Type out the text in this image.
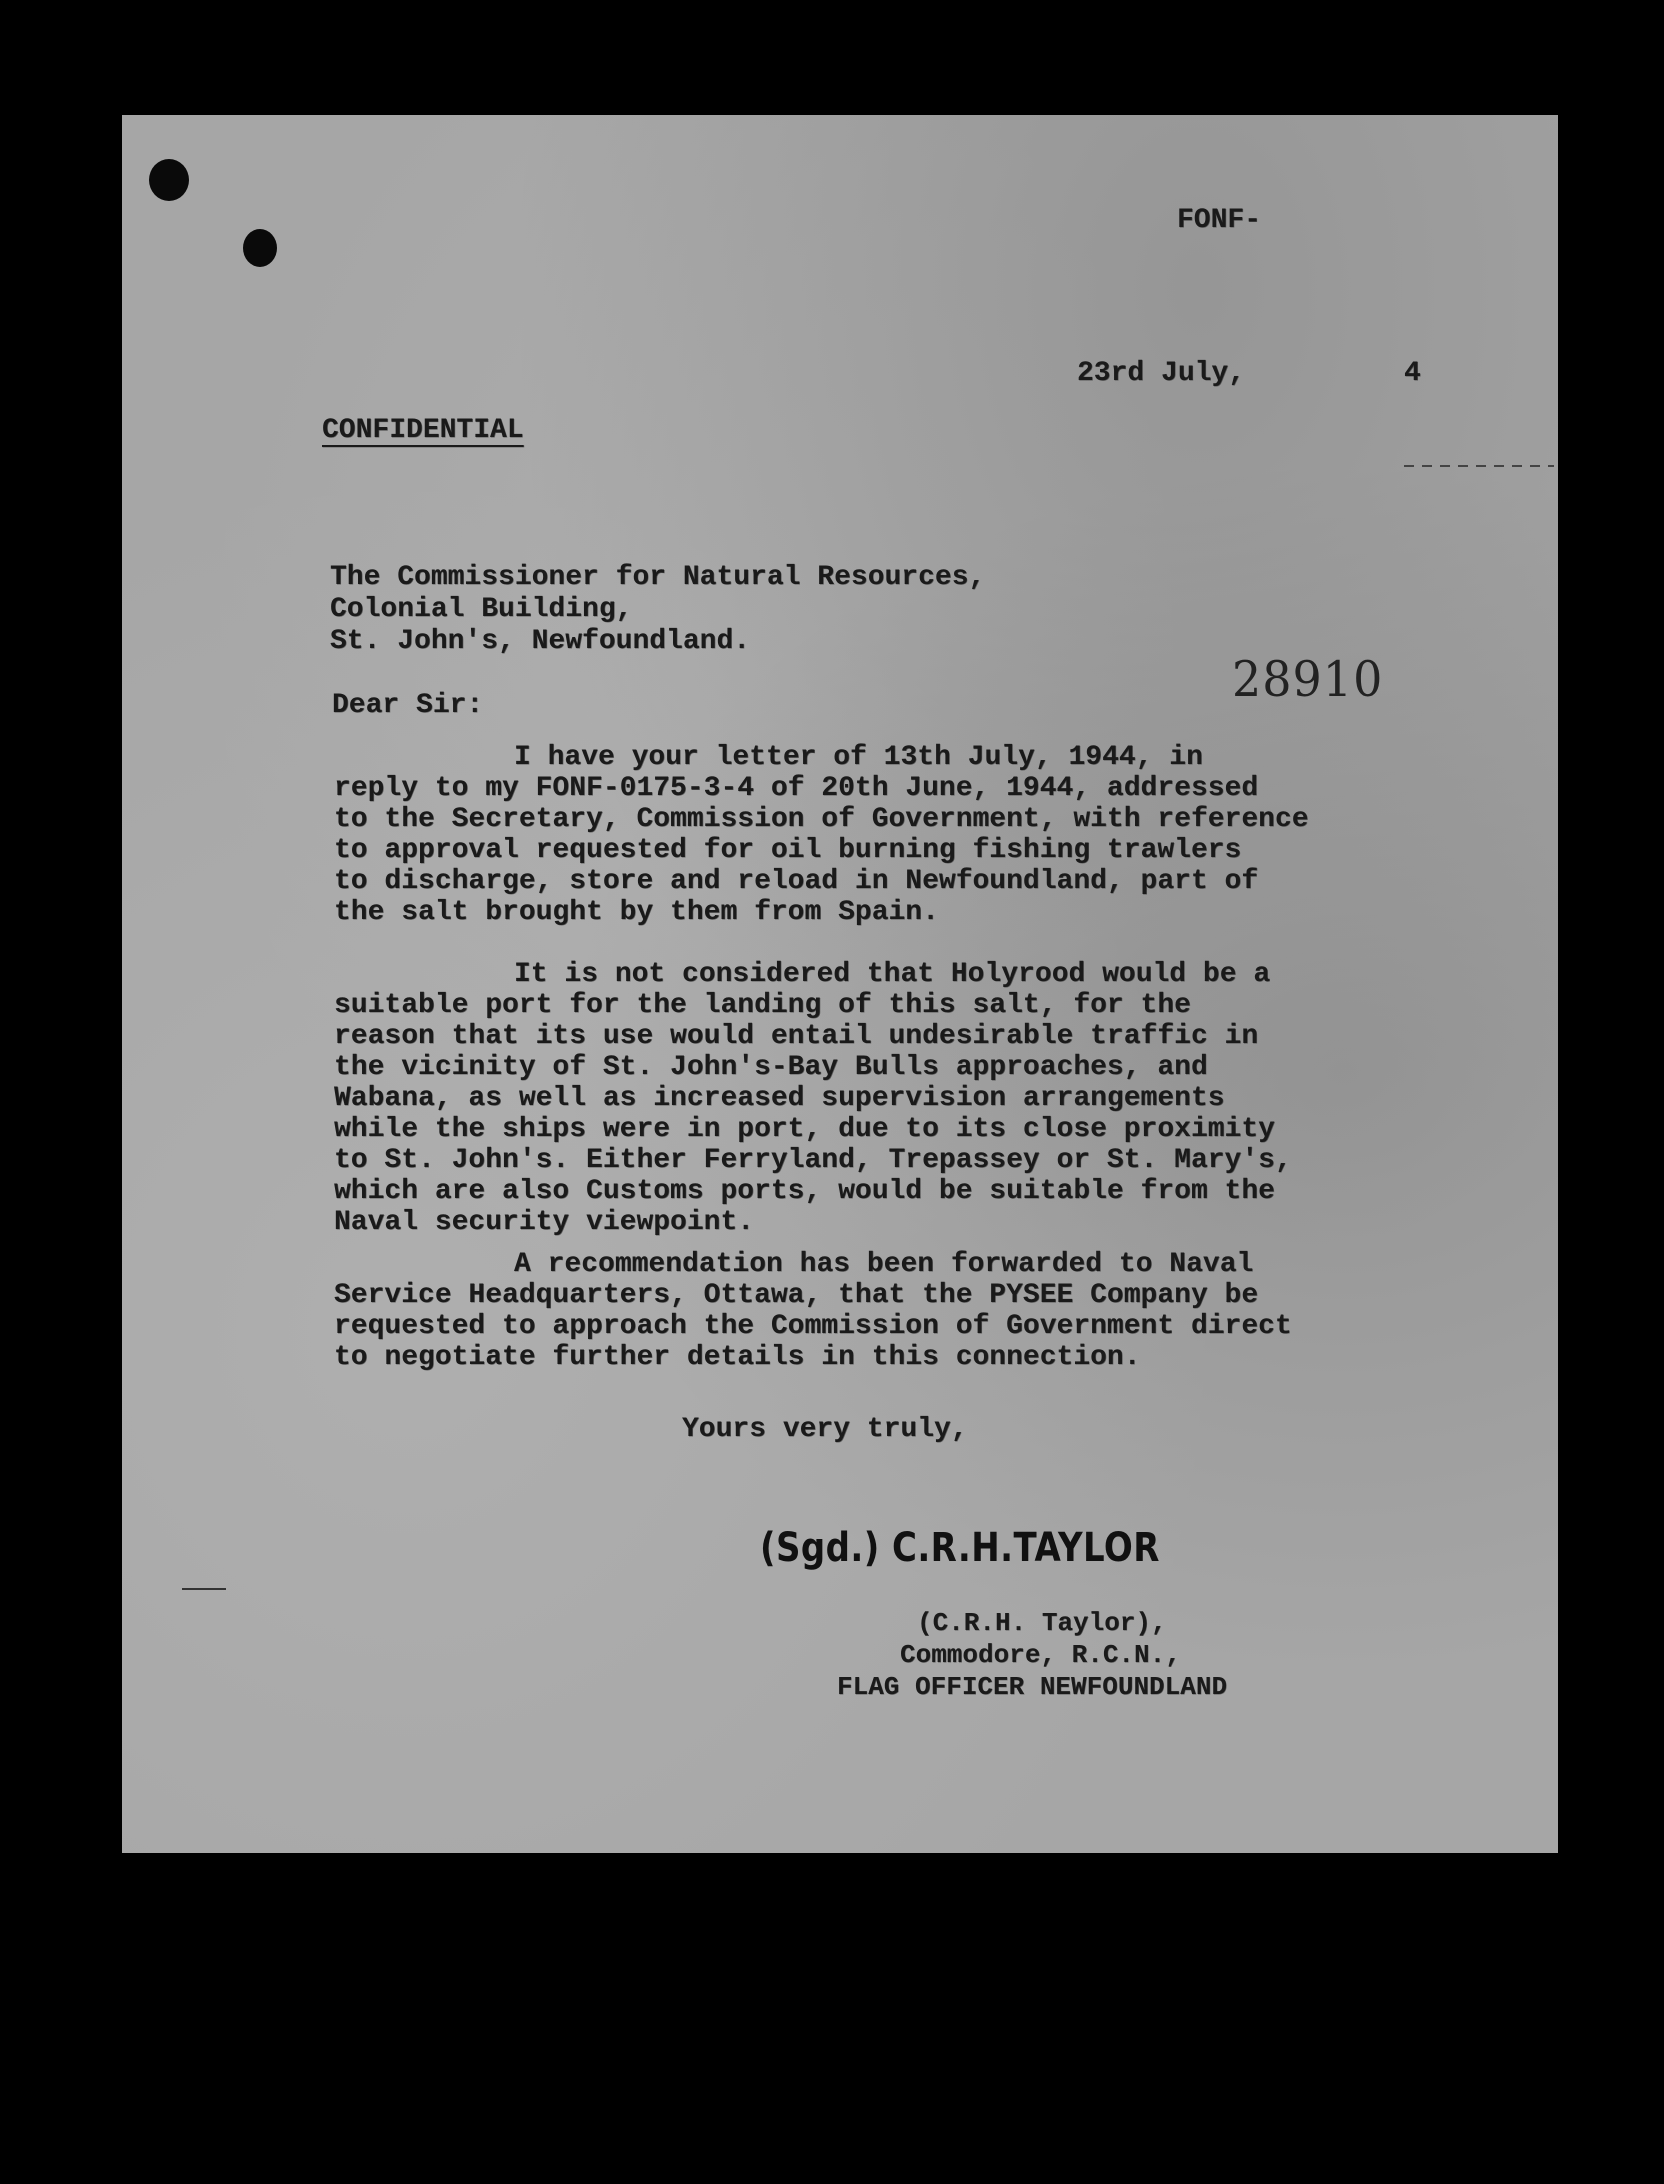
FONF-

23rd July,	4

CONFIDENTIAL

The Commissioner for Natural Resources,
Colonial Building,
St. John's, Newfoundland.

28910

Dear Sir:

I have your letter of 13th July, 1944, in
reply to my FONF-0175-3-4 of 20th June, 1944, addressed
to the Secretary, Commission of Government, with reference
to approval requested for oil burning fishing trawlers
to discharge, store and reload in Newfoundland, part of
the salt brought by them from Spain.
It is not considered that Holyrood would be a
suitable port for the landing of this salt, for the
reason that its use would entail undesirable traffic in
the vicinity of St. John's-Bay Bulls approaches, and
Wabana, as well as increased supervision arrangements
while the ships were in port, due to its close proximity
to St. John's. Either Ferryland, Trepassey or St. Mary's,
which are also Customs ports, would be suitable from the
Naval security viewpoint.
A recommendation has been forwarded to Naval
Service Headquarters, Ottawa, that the PYSEE Company be
requested to approach the Commission of Government direct
to negotiate further details in this connection.

Yours very truly,

(Sgd.) C.R.H.TAYLOR

(C.R.H. Taylor),
Commodore, R.C.N.,
FLAG OFFICER NEWFOUNDLAND
